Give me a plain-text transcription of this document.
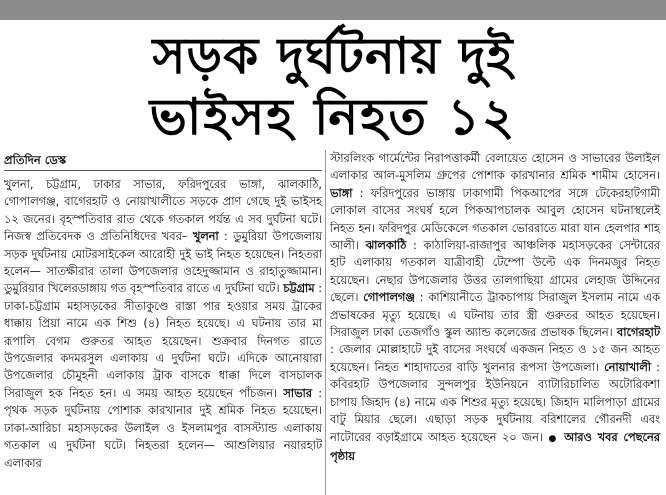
সড়ক দুর্ঘটনায় দুই
ভাইসহ নিহত ১২
প্রতিদিন ডেস্ক

খুলনা, চট্টগ্রাম, ঢাকার সাভার, ফরিদপুরের ভাঙ্গা, ঝালকাঠি, গোপালগঞ্জ, বাগেরহাট ও নোয়াখালীতে সড়কে প্রাণ গেছে দুই ভাইসহ ১২ জনের। বৃহস্পতিবার রাত থেকে গতকাল পর্যন্ত এ সব দুর্ঘটনা ঘটে। নিজস্ব প্রতিবেদক ও প্রতিনিধিদের খবর– খুলনা : ডুমুরিয়া উপজেলায় সড়ক দুর্ঘটনায় মোটরসাইকেল আরোহী দুই ভাই নিহত হয়েছেন। নিহতরা হলেন— সাতক্ষীরার তালা উপজেলার ওহেদুজ্জামান ও রাহাতুজ্জামান। ডুমুরিয়ার খিলেরডাঙ্গায় গত বৃহস্পতিবার রাতে এ দুর্ঘটনা ঘটে। চট্টগ্রাম : ঢাকা-চট্টগ্রাম মহাসড়কের সীতাকুণ্ডে রাস্তা পার হওয়ার সময় ট্রাকের ধাক্কায় প্রিয়া নামে এক শিশু (৪) নিহত হয়েছে। এ ঘটনায় তার মা রূপালি বেগম গুরুতর আহত হয়েছেন। শুক্রবার দিনগত রাতে উপজেলার কদমরসুল এলাকায় এ দুর্ঘটনা ঘটে। এদিকে আনোয়ারা উপজেলার চৌমুহনী এলাকায় ট্রাক বাসকে ধাক্কা দিলে বাসচালক সিরাজুল হক নিহত হন। এ সময় আহত হয়েছেন পাঁচজন। সাভার : পৃথক সড়ক দুর্ঘটনায় পোশাক কারখানার দুই শ্রমিক নিহত হয়েছেন। ঢাকা-আরিচা মহাসড়কের উলাইল ও ইসলামপুর বাসস্ট্যান্ড এলাকায় গতকাল এ দুর্ঘটনা ঘটে। নিহতরা হলেন— আশুলিয়ার নয়ারহাট এলাকার

স্টারলিংক গার্মেন্টের নিরাপত্তাকর্মী বেলায়েত হোসেন ও সাভারের উলাইল এলাকার আল-মুসলিম গ্রুপের পোশাক কারখানার শ্রমিক শামীম হোসেন। ভাঙ্গা : ফরিদপুরের ভাঙ্গায় ঢাকাগামী পিকআপের সঙ্গে টেকেরহাটগামী লোকাল বাসের সংঘর্ষ হলে পিকআপচালক আবুল হোসেন ঘটনাস্থলেই নিহত হন। ফরিদপুর মেডিকেলে গতকাল ভোররাতে মারা যান হেলপার শাহ আলী। ঝালকাঠি : কাঠালিয়া-রাজাপুর আঞ্চলিক মহাসড়কের সেন্টারের হাট এলাকায় গতকাল যাত্রীবাহী টেম্পো উল্টে এক দিনমজুর নিহত হয়েছেন। নেছার উপজেলার উত্তর তালগাছিয়া গ্রামের লেহাজ উদ্দিনের ছেলে। গোপালগঞ্জ : কাশিয়ানীতে ট্রাকচাপায় সিরাজুল ইসলাম নামে এক প্রভাষকের মৃত্যু হয়েছে। এ ঘটনায় তার স্ত্রী গুরুতর আহত হয়েছেন। সিরাজুল ঢাকা তেজগাঁও স্কুল অ্যান্ড কলেজের প্রভাষক ছিলেন। বাগেরহাট : জেলার মোল্লাহাটে দুই বাসের সংঘর্ষে একজন নিহত ও ১৫ জন আহত হয়েছেন। নিহত শাহাদাতের বাড়ি খুলনার রূপসা উপজেলা। নোয়াখালী : কবিরহাট উপজেলার সুন্দলপুর ইউনিয়নে ব্যাটারিচালিত অটোরিকশা চাপায় জিহাদ (৪) নামে এক শিশুর মৃত্যু হয়েছে। জিহাদ মালিপাড়া গ্রামের বাটু মিয়ার ছেলে। এছাড়া সড়ক দুর্ঘটনায় বরিশালের গৌরনদী এবং নাটোরের বড়াইগ্রামে আহত হয়েছেন ২০ জন। ● আরও খবর পেছনের পৃষ্ঠায়
